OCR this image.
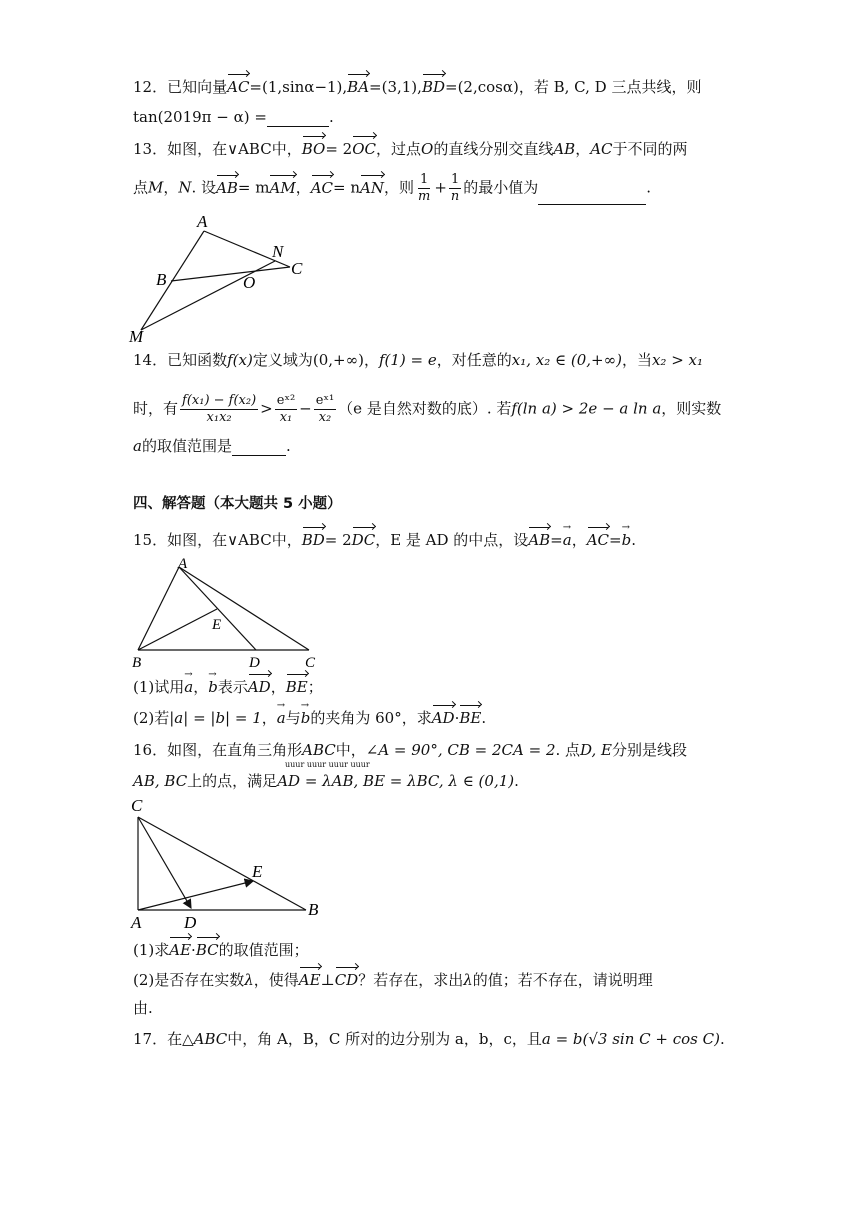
12．已知向量AC=(1,sinα−1),BA=(3,1),BD=(2,cosα)，若 B, C, D 三点共线，则
tan(2019π − α) =	.
13．如图，在∨ABC中，BO= 2OC，过点O的直线分别交直线AB，AC于不同的两
点M，N. 设AB= mAM，AC= nAN，则 $\frac{1}{m} + \frac{1}{n}$ 的最小值为	.
A
B
C
N
O
M
14．已知函数f(x)定义域为(0,+∞)，f(1) = e，对任意的x₁, x₂ ∈ (0,+∞)，当x₂ > x₁
时，有 $\frac{\text{f(x₁) − f(x₂)}}{\text{x₁x₂}} > \frac{\text{eˣ²}}{\text{x₁}} - \frac{\text{eˣ¹}}{\text{x₂}} (e$ 是自然对数的底）. 若f(ln a) > 2e − a ln a，则实数
a的取值范围是	.
四、解答题（本大题共 5 小题）
15．如图，在∨ABC中，BD= 2DC，E 是 AD 的中点，设AB=a →，AC=b →.
A
E
B	D	C
(1)试用a →，b →表示AD，BE；
(2)若|a| = |b| = 1，a →与b →的夹角为 60°，求AD·BE.
16．如图，在直角三角形ABC中，∠A = 90°, CB = 2CA = 2. 点D, E分别是线段
uuur uuur uuur uuur
AB, BC上的点，满足AD = λAB, BE = λBC, λ ∈ (0,1).
C
E
A	D
B
(1)求AE·BC的取值范围；
(2)是否存在实数λ，使得AE⊥CD？若存在，求出λ的值；若不存在，请说明理
由.
17．在△ABC中，角 A，B，C 所对的边分别为 a，b，c，且a = b(√3 sin C + cos C).
